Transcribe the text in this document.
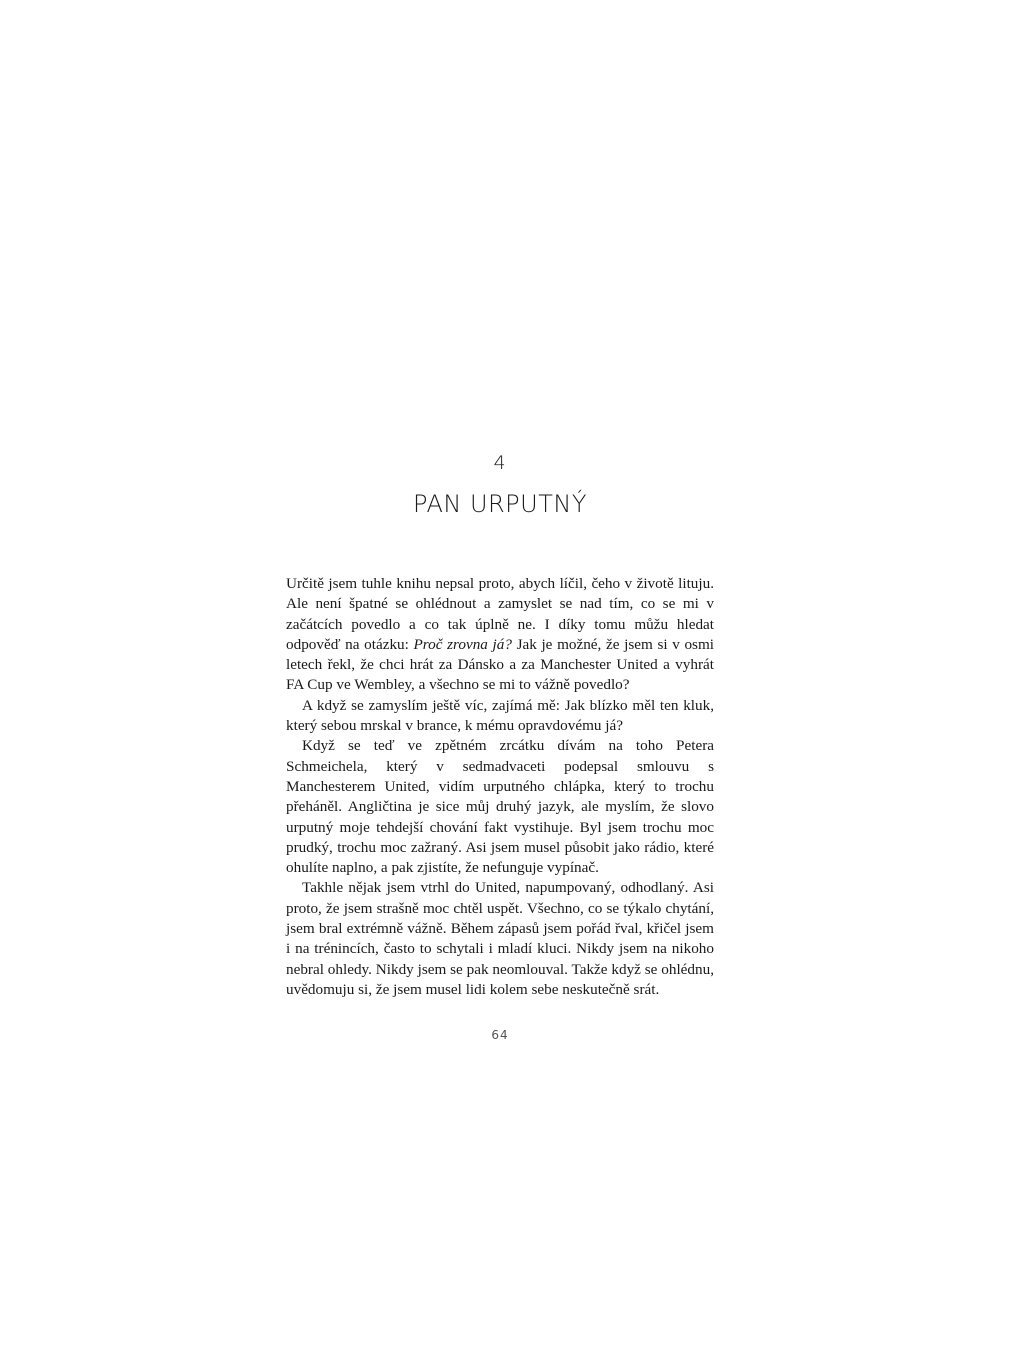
4
PAN URPUTNÝ

Určitě jsem tuhle knihu nepsal proto, abych líčil, čeho v životě lituju. Ale není špatné se ohlédnout a zamyslet se nad tím, co se mi v začátcích povedlo a co tak úplně ne. I díky tomu můžu hledat odpověď na otázku: Proč zrovna já? Jak je možné, že jsem si v osmi letech řekl, že chci hrát za Dánsko a za Manchester United a vyhrát FA Cup ve Wembley, a všechno se mi to vážně povedlo?

A když se zamyslím ještě víc, zajímá mě: Jak blízko měl ten kluk, který sebou mrskal v brance, k mému opravdovému já?

Když se teď ve zpětném zrcátku dívám na toho Petera Schmeichela, který v sedmadvaceti podepsal smlouvu s Manchesterem United, vidím urputného chlápka, který to trochu přeháněl. Angličtina je sice můj druhý jazyk, ale myslím, že slovo urputný moje tehdejší chování fakt vystihuje. Byl jsem trochu moc prudký, trochu moc zažraný. Asi jsem musel působit jako rádio, které ohulíte naplno, a pak zjistíte, že nefunguje vypínač.

Takhle nějak jsem vtrhl do United, napumpovaný, odhodlaný. Asi proto, že jsem strašně moc chtěl uspět. Všechno, co se týkalo chytání, jsem bral extrémně vážně. Během zápasů jsem pořád řval, křičel jsem i na trénincích, často to schytali i mladí kluci. Nikdy jsem na nikoho nebral ohledy. Nikdy jsem se pak neomlouval. Takže když se ohlédnu, uvědomuju si, že jsem musel lidi kolem sebe neskutečně srát.

64
